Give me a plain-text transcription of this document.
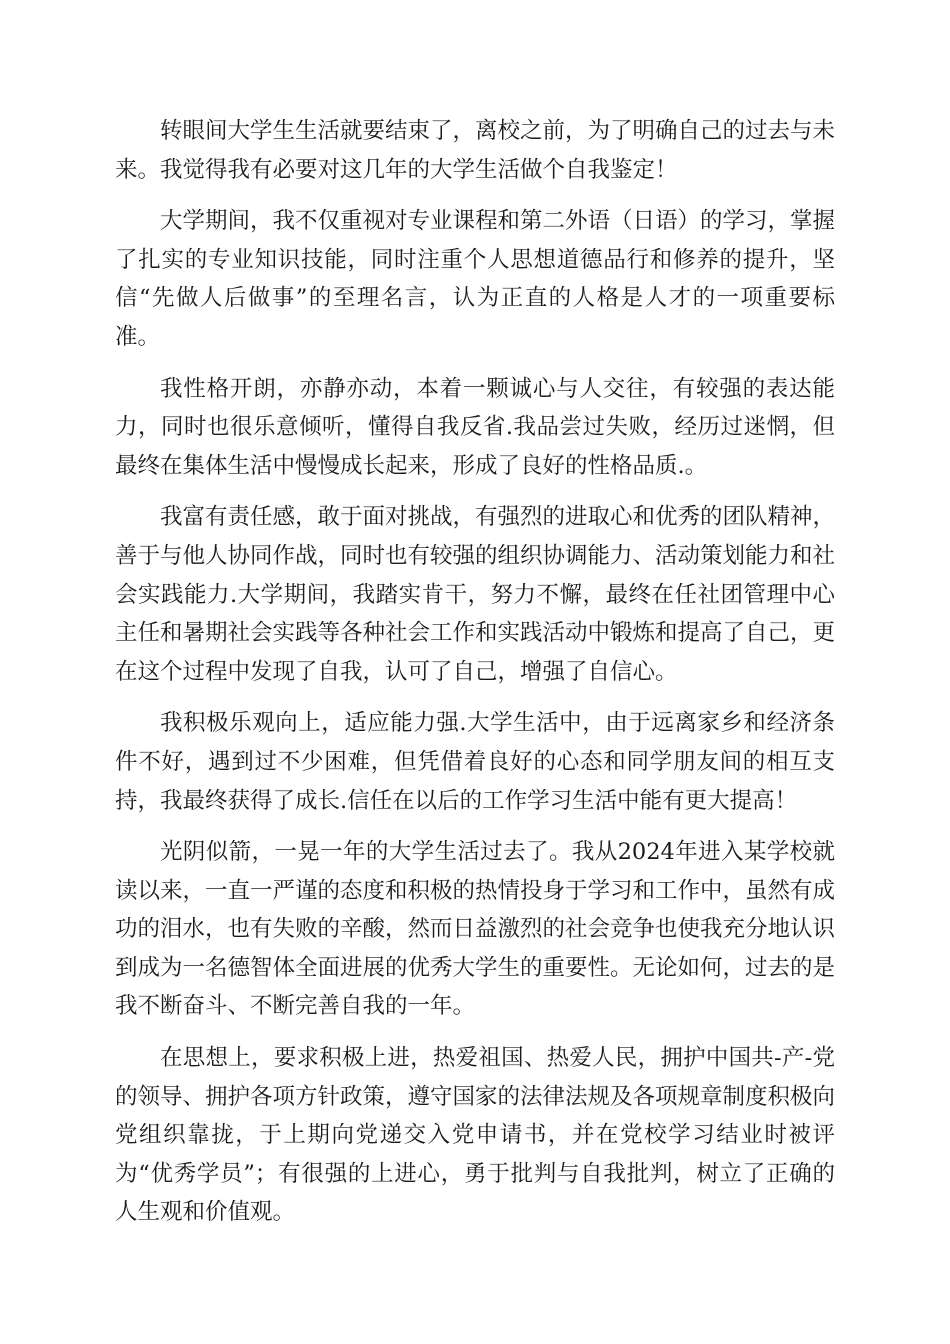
转眼间大学生生活就要结束了，离校之前，为了明确自己的过去与未来。我觉得我有必要对这几年的大学生活做个自我鉴定！

大学期间，我不仅重视对专业课程和第二外语（日语）的学习，掌握了扎实的专业知识技能，同时注重个人思想道德品行和修养的提升，坚信“先做人后做事”的至理名言，认为正直的人格是人才的一项重要标准。

我性格开朗，亦静亦动，本着一颗诚心与人交往，有较强的表达能力，同时也很乐意倾听，懂得自我反省.我品尝过失败，经历过迷惘，但最终在集体生活中慢慢成长起来，形成了良好的性格品质.。

我富有责任感，敢于面对挑战，有强烈的进取心和优秀的团队精神，善于与他人协同作战，同时也有较强的组织协调能力、活动策划能力和社会实践能力.大学期间，我踏实肯干，努力不懈，最终在任社团管理中心主任和暑期社会实践等各种社会工作和实践活动中锻炼和提高了自己，更在这个过程中发现了自我，认可了自己，增强了自信心。

我积极乐观向上，适应能力强.大学生活中，由于远离家乡和经济条件不好，遇到过不少困难，但凭借着良好的心态和同学朋友间的相互支持，我最终获得了成长.信任在以后的工作学习生活中能有更大提高！

光阴似箭，一晃一年的大学生活过去了。我从2024年进入某学校就读以来，一直一严谨的态度和积极的热情投身于学习和工作中，虽然有成功的泪水，也有失败的辛酸，然而日益激烈的社会竞争也使我充分地认识到成为一名德智体全面进展的优秀大学生的重要性。无论如何，过去的是我不断奋斗、不断完善自我的一年。

在思想上，要求积极上进，热爱祖国、热爱人民，拥护中国共-产-党的领导、拥护各项方针政策，遵守国家的法律法规及各项规章制度积极向党组织靠拢，于上期向党递交入党申请书，并在党校学习结业时被评为“优秀学员”；有很强的上进心，勇于批判与自我批判，树立了正确的人生观和价值观。
